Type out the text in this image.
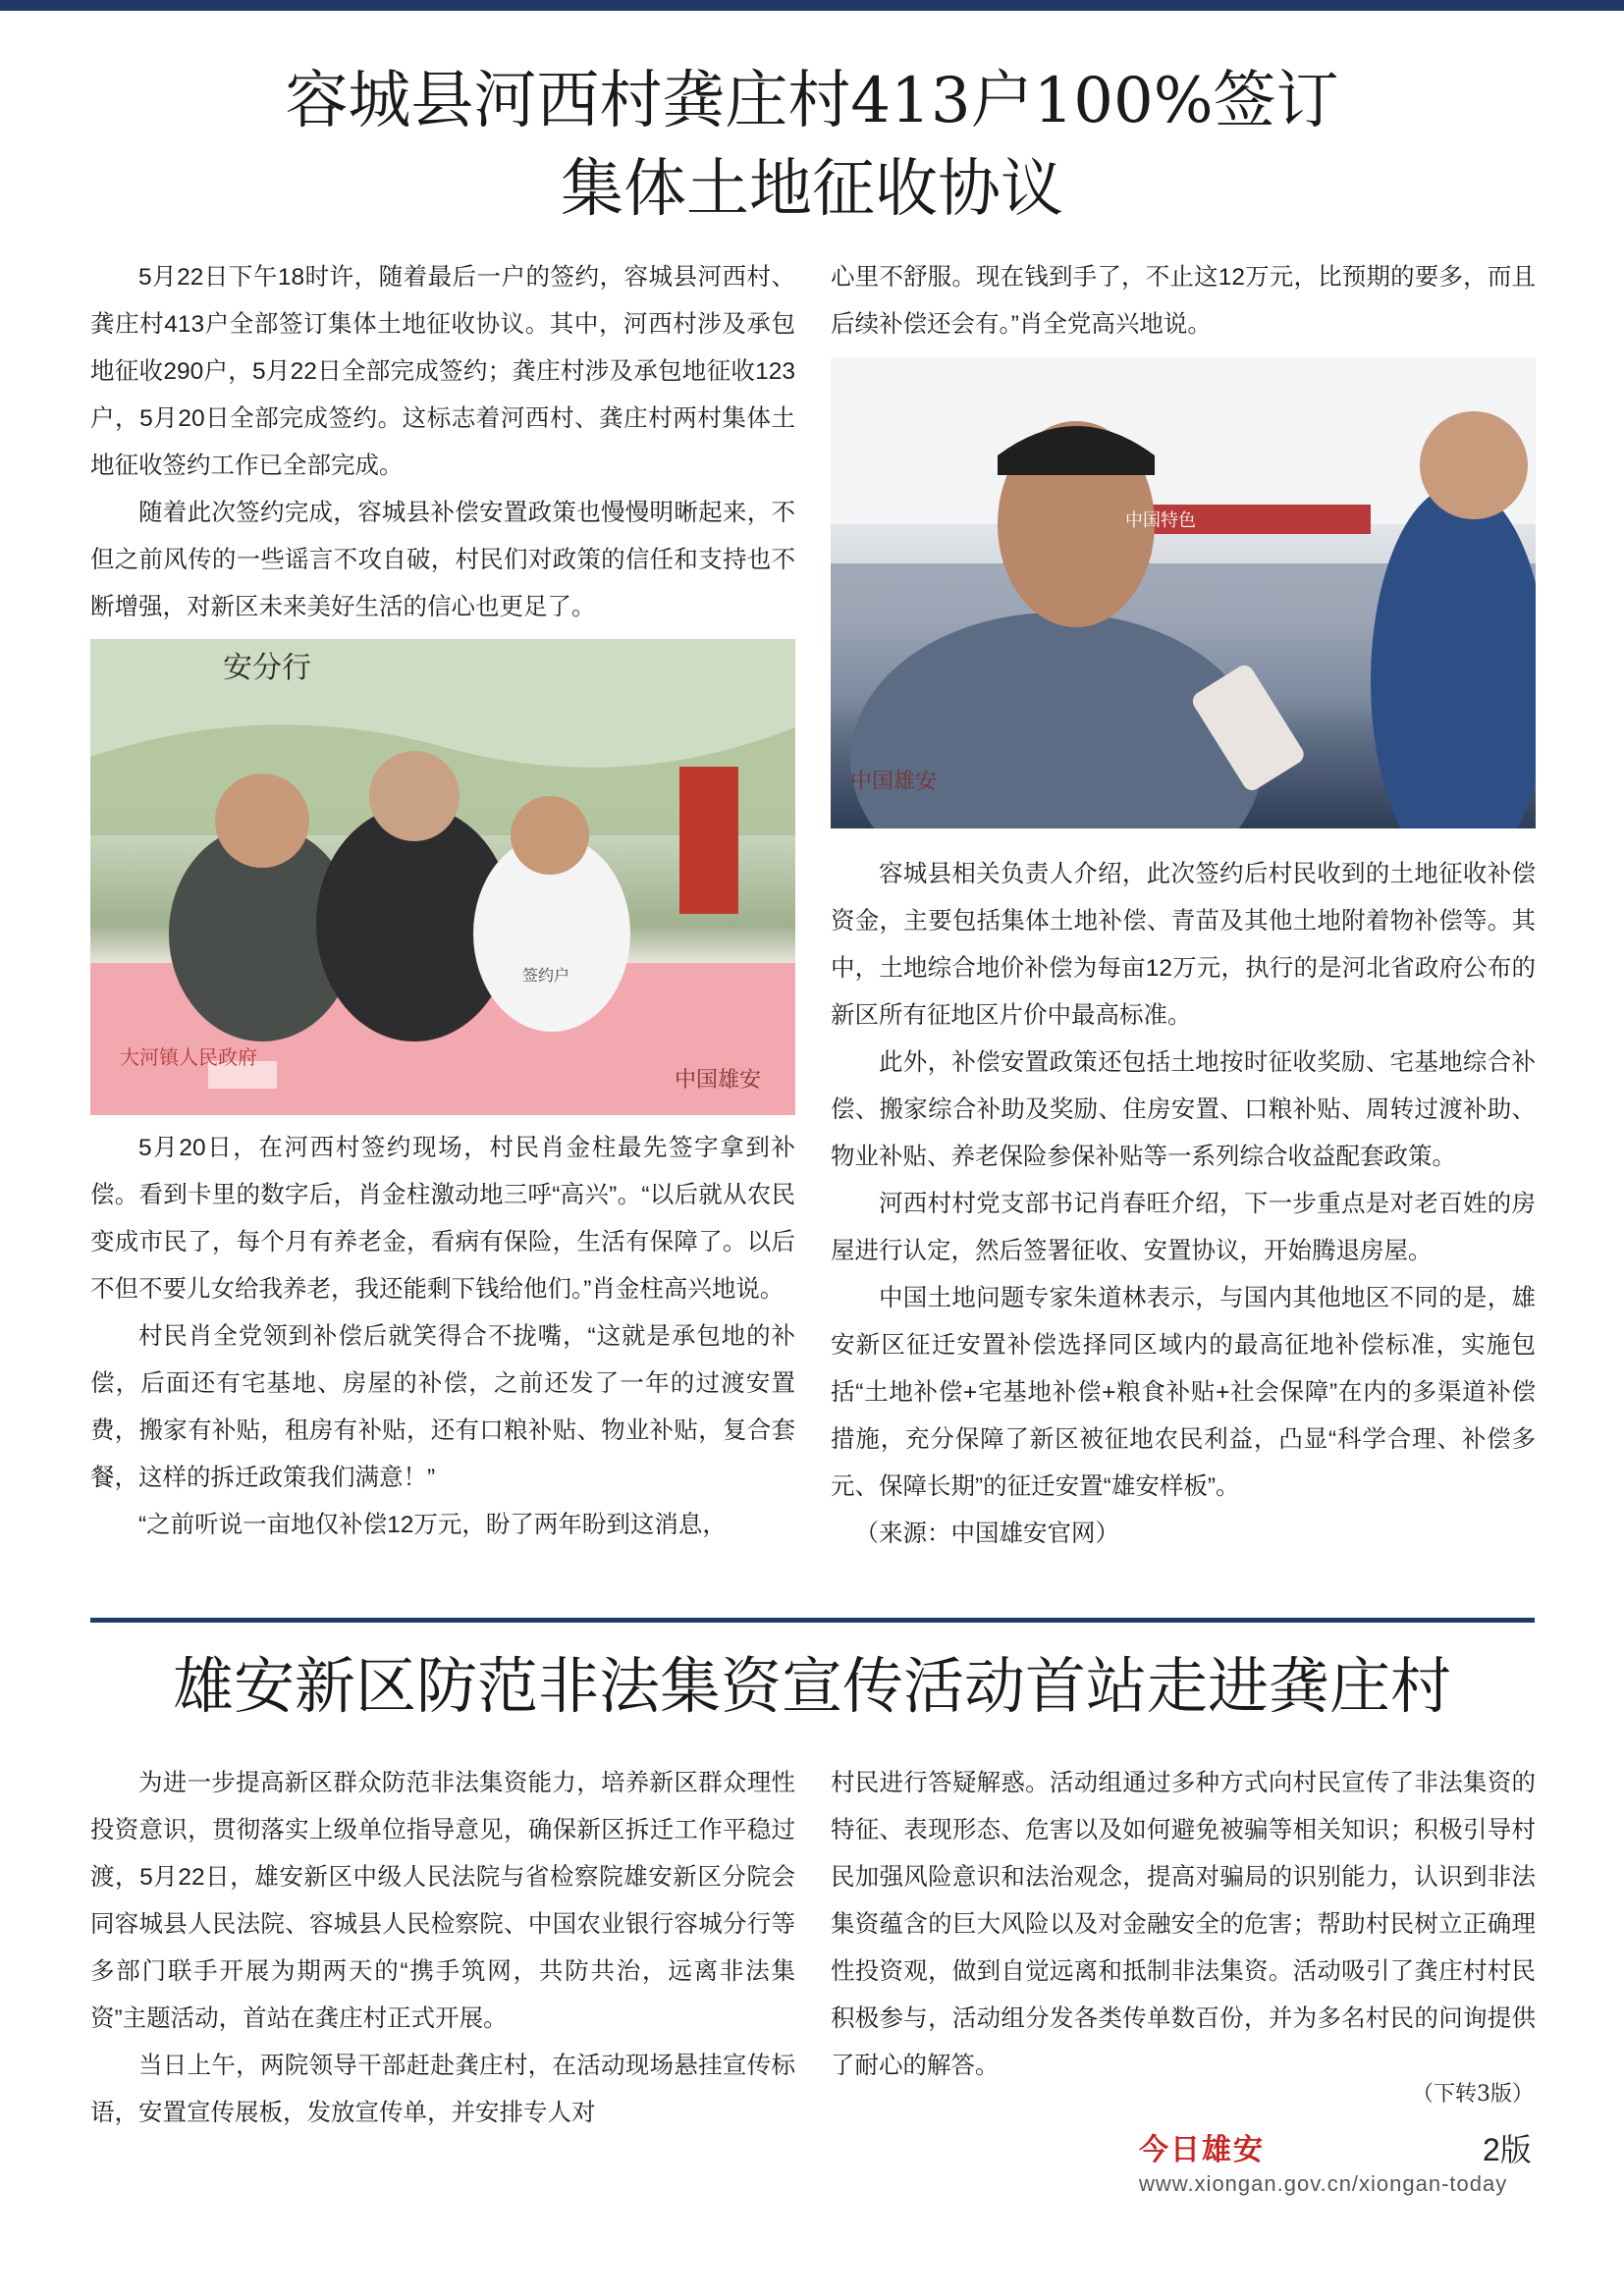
容城县河西村龚庄村413户100%签订
集体土地征收协议

5月22日下午18时许，随着最后一户的签约，容城县河西村、龚庄村413户全部签订集体土地征收协议。其中，河西村涉及承包地征收290户，5月22日全部完成签约；龚庄村涉及承包地征收123户，5月20日全部完成签约。这标志着河西村、龚庄村两村集体土地征收签约工作已全部完成。

随着此次签约完成，容城县补偿安置政策也慢慢明晰起来，不但之前风传的一些谣言不攻自破，村民们对政策的信任和支持也不断增强，对新区未来美好生活的信心也更足了。

大河镇人民政府
签约户
安分行
中国雄安

5月20日，在河西村签约现场，村民肖金柱最先签字拿到补偿。看到卡里的数字后，肖金柱激动地三呼“高兴”。“以后就从农民变成市民了，每个月有养老金，看病有保险，生活有保障了。以后不但不要儿女给我养老，我还能剩下钱给他们。”肖金柱高兴地说。

村民肖全党领到补偿后就笑得合不拢嘴，“这就是承包地的补偿，后面还有宅基地、房屋的补偿，之前还发了一年的过渡安置费，搬家有补贴，租房有补贴，还有口粮补贴、物业补贴，复合套餐，这样的拆迁政策我们满意！”

“之前听说一亩地仅补偿12万元，盼了两年盼到这消息，

心里不舒服。现在钱到手了，不止这12万元，比预期的要多，而且后续补偿还会有。”肖全党高兴地说。

中国雄安
中国特色

容城县相关负责人介绍，此次签约后村民收到的土地征收补偿资金，主要包括集体土地补偿、青苗及其他土地附着物补偿等。其中，土地综合地价补偿为每亩12万元，执行的是河北省政府公布的新区所有征地区片价中最高标准。

此外，补偿安置政策还包括土地按时征收奖励、宅基地综合补偿、搬家综合补助及奖励、住房安置、口粮补贴、周转过渡补助、物业补贴、养老保险参保补贴等一系列综合收益配套政策。

河西村村党支部书记肖春旺介绍，下一步重点是对老百姓的房屋进行认定，然后签署征收、安置协议，开始腾退房屋。

中国土地问题专家朱道林表示，与国内其他地区不同的是，雄安新区征迁安置补偿选择同区域内的最高征地补偿标准，实施包括“土地补偿+宅基地补偿+粮食补贴+社会保障”在内的多渠道补偿措施，充分保障了新区被征地农民利益，凸显“科学合理、补偿多元、保障长期”的征迁安置“雄安样板”。

（来源：中国雄安官网）

雄安新区防范非法集资宣传活动首站走进龚庄村

为进一步提高新区群众防范非法集资能力，培养新区群众理性投资意识，贯彻落实上级单位指导意见，确保新区拆迁工作平稳过渡，5月22日，雄安新区中级人民法院与省检察院雄安新区分院会同容城县人民法院、容城县人民检察院、中国农业银行容城分行等多部门联手开展为期两天的“携手筑网，共防共治，远离非法集资”主题活动，首站在龚庄村正式开展。

当日上午，两院领导干部赶赴龚庄村，在活动现场悬挂宣传标语，安置宣传展板，发放宣传单，并安排专人对

村民进行答疑解惑。活动组通过多种方式向村民宣传了非法集资的特征、表现形态、危害以及如何避免被骗等相关知识；积极引导村民加强风险意识和法治观念，提高对骗局的识别能力，认识到非法集资蕴含的巨大风险以及对金融安全的危害；帮助村民树立正确理性投资观，做到自觉远离和抵制非法集资。活动吸引了龚庄村村民积极参与，活动组分发各类传单数百份，并为多名村民的问询提供了耐心的解答。

（下转3版）
今日雄安	2版
www.xiongan.gov.cn/xiongan-today
